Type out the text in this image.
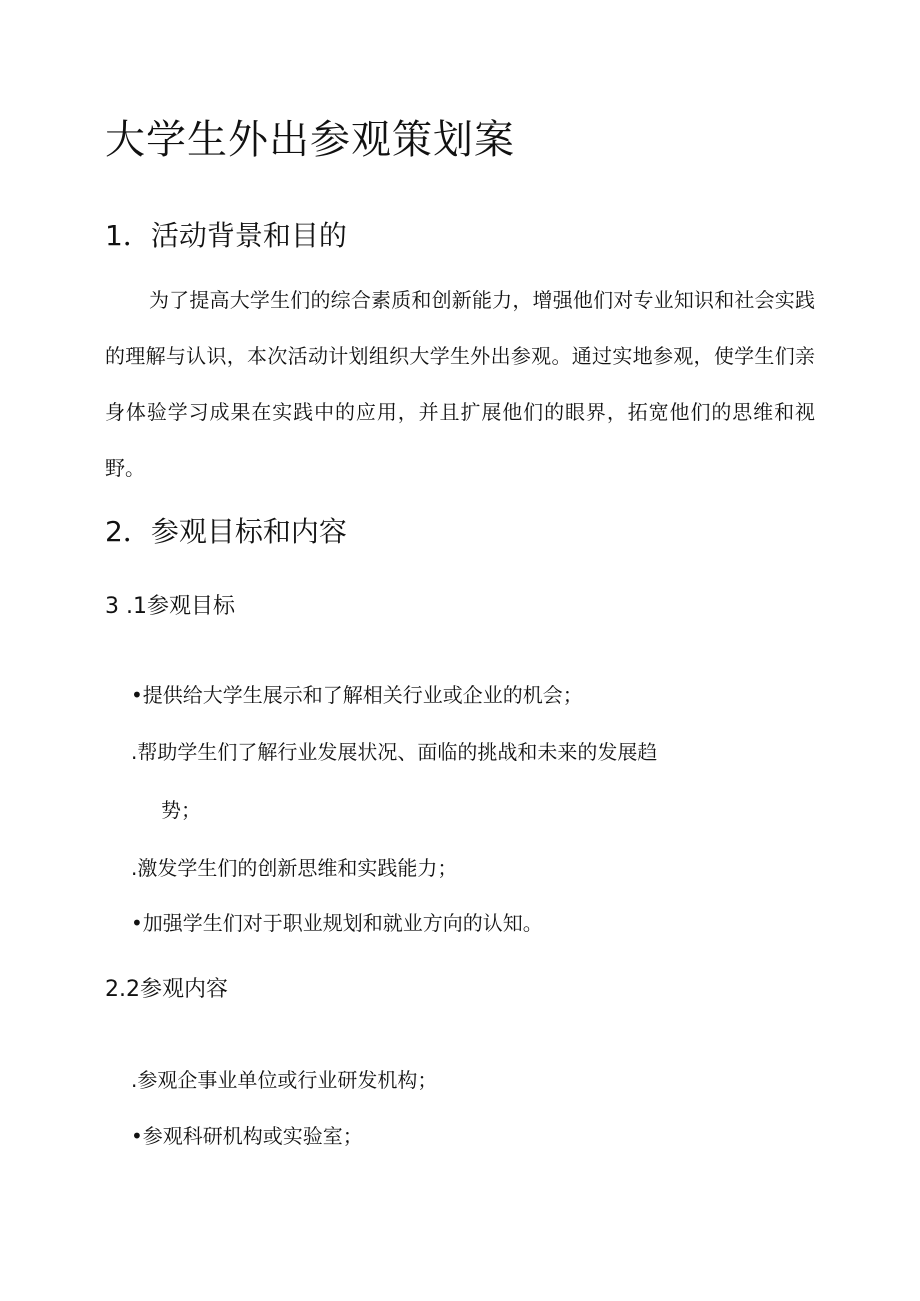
大学生外出参观策划案
1．活动背景和目的

为了提高大学生们的综合素质和创新能力，增强他们对专业知识和社会实践的理解与认识，本次活动计划组织大学生外出参观。通过实地参观，使学生们亲身体验学习成果在实践中的应用，并且扩展他们的眼界，拓宽他们的思维和视野。

2．参观目标和内容
3 .1参观目标
•提供给大学生展示和了解相关行业或企业的机会；
.帮助学生们了解行业发展状况、面临的挑战和未来的发展趋
势；
.激发学生们的创新思维和实践能力；
•加强学生们对于职业规划和就业方向的认知。
2.2参观内容
.参观企事业单位或行业研发机构；
•参观科研机构或实验室；
